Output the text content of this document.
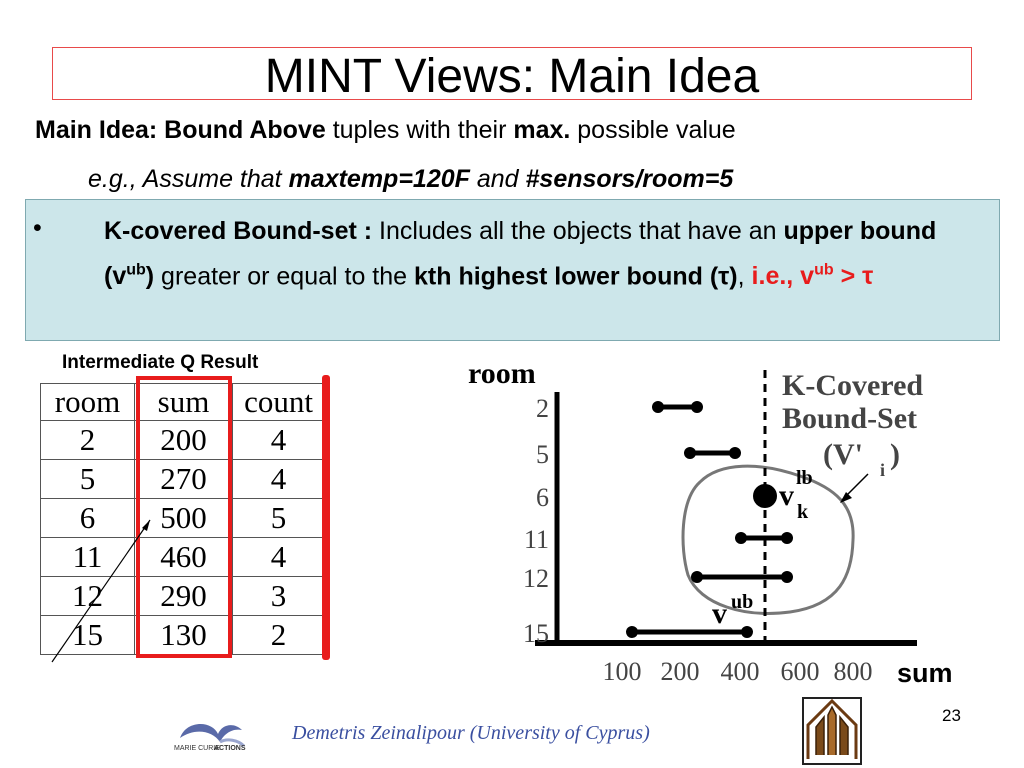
MINT Views: Main Idea
Main Idea: Bound Above tuples with their max. possible value
e.g., Assume that maxtemp=120F and #sensors/room=5
• K-covered Bound-set : Includes all the objects that have an upper bound $(v^{ub})$ greater or equal to the kth highest lower bound (τ), i.e., $v^{ub} > \tau$
Intermediate Q Result
room	sum	count
2	200	4
5	270	4
6	500	5
11	460	4
12	290	3
15	130	2
room
2
5
6
11
12
15
100 200 400 600 800
K-Covered
Bound-Set
(V' i )
v
lb
k
v ub
sum
23
Demetris Zeinalipour (University of Cyprus)
MARIE CURIE
ACTIONS
